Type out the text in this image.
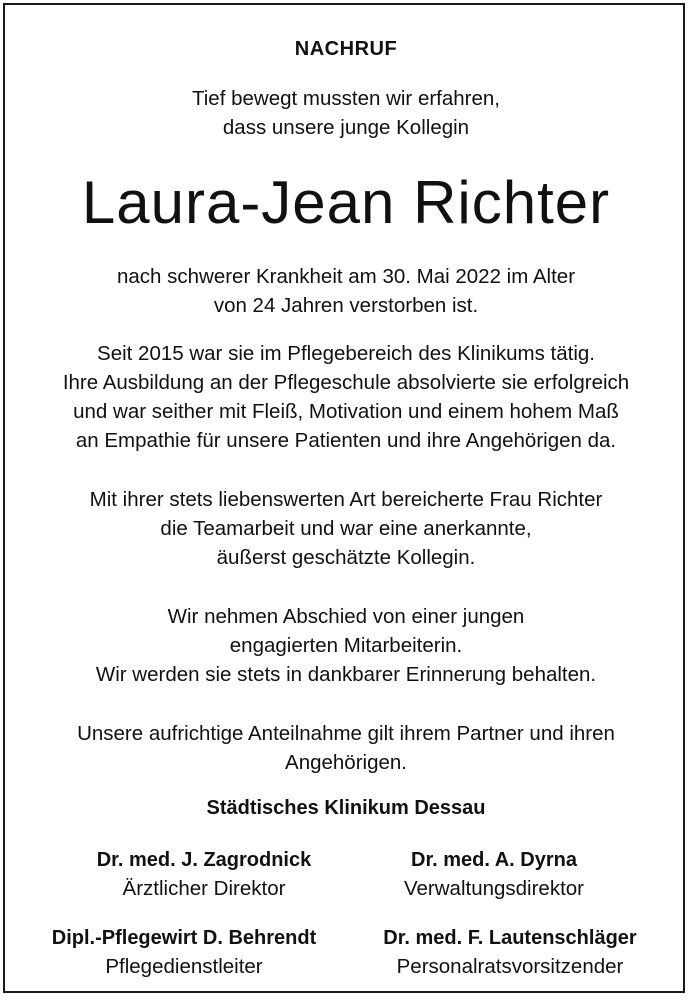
NACHRUF
Tief bewegt mussten wir erfahren,
dass unsere junge Kollegin
Laura-Jean Richter
nach schwerer Krankheit am 30. Mai 2022 im Alter
von 24 Jahren verstorben ist.
Seit 2015 war sie im Pflegebereich des Klinikums tätig.
Ihre Ausbildung an der Pflegeschule absolvierte sie erfolgreich
und war seither mit Fleiß, Motivation und einem hohem Maß
an Empathie für unsere Patienten und ihre Angehörigen da.
Mit ihrer stets liebenswerten Art bereicherte Frau Richter
die Teamarbeit und war eine anerkannte,
äußerst geschätzte Kollegin.
Wir nehmen Abschied von einer jungen
engagierten Mitarbeiterin.
Wir werden sie stets in dankbarer Erinnerung behalten.
Unsere aufrichtige Anteilnahme gilt ihrem Partner und ihren
Angehörigen.
Städtisches Klinikum Dessau
Dr. med. J. Zagrodnick
Ärztlicher Direktor
Dr. med. A. Dyrna
Verwaltungsdirektor
Dipl.-Pflegewirt D. Behrendt
Pflegedienstleiter
Dr. med. F. Lautenschläger
Personalratsvorsitzender
